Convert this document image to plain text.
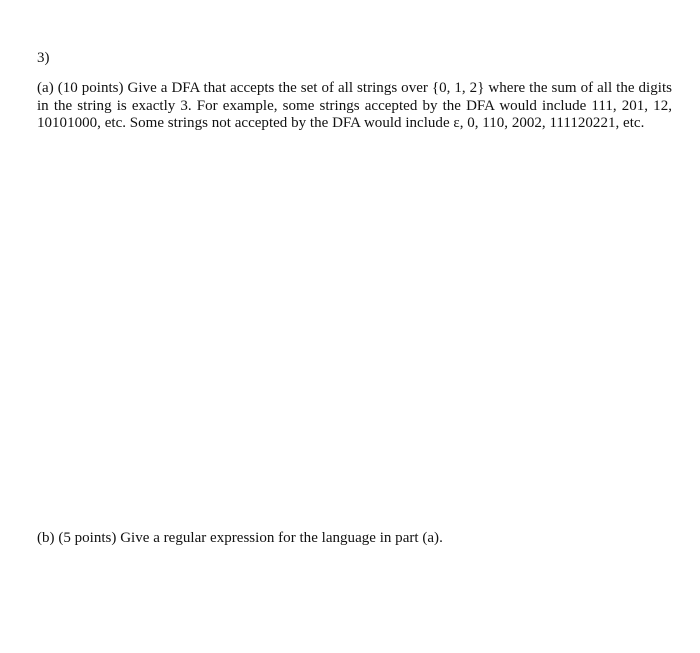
3)
(a) (10 points) Give a DFA that accepts the set of all strings over {0, 1, 2} where the sum of all the digits in the string is exactly 3. For example, some strings accepted by the DFA would include 111, 201, 12, 10101000, etc. Some strings not accepted by the DFA would include ε, 0, 110, 2002, 111120221, etc.
(b) (5 points) Give a regular expression for the language in part (a).
